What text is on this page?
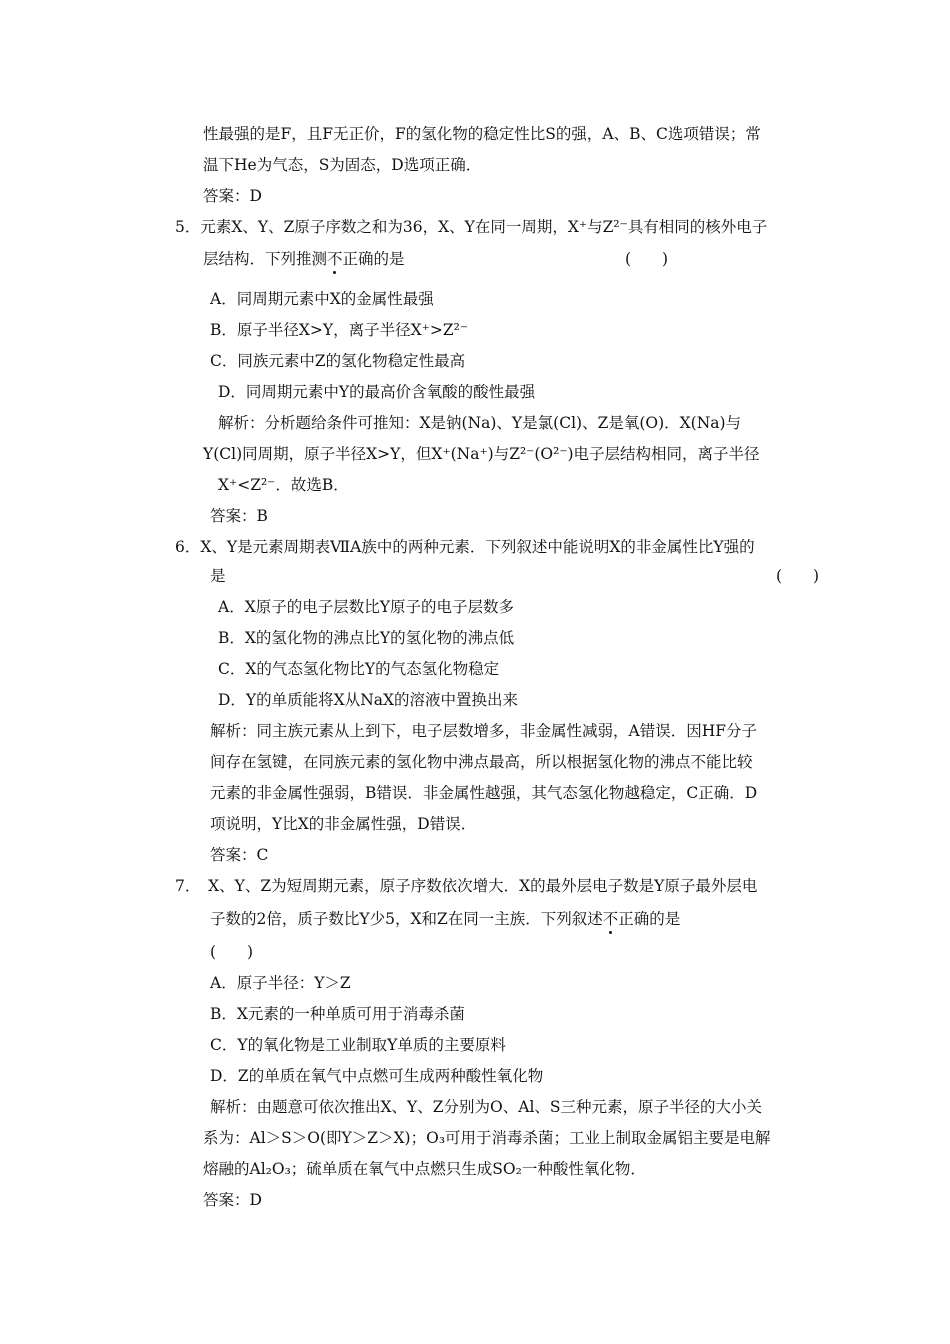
性最强的是F，且F无正价，F的氢化物的稳定性比S的强，A、B、C选项错误；常
温下He为气态，S为固态，D选项正确．
答案：D
5．元素X、Y、Z原子序数之和为36，X、Y在同一周期，X⁺与Z²⁻具有相同的核外电子
层结构．下列推测不正确的是	(　　)
A．同周期元素中X的金属性最强
B．原子半径X>Y，离子半径X⁺>Z²⁻
C．同族元素中Z的氢化物稳定性最高
D．同周期元素中Y的最高价含氧酸的酸性最强
解析：分析题给条件可推知：X是钠(Na)、Y是氯(Cl)、Z是氧(O)．X(Na)与
Y(Cl)同周期，原子半径X>Y，但X⁺(Na⁺)与Z²⁻(O²⁻)电子层结构相同，离子半径
X⁺<Z²⁻．故选B．
答案：B
6．X、Y是元素周期表ⅦA族中的两种元素．下列叙述中能说明X的非金属性比Y强的
是	(　　)
A．X原子的电子层数比Y原子的电子层数多
B．X的氢化物的沸点比Y的氢化物的沸点低
C．X的气态氢化物比Y的气态氢化物稳定
D．Y的单质能将X从NaX的溶液中置换出来
解析：同主族元素从上到下，电子层数增多，非金属性减弱，A错误．因HF分子
间存在氢键，在同族元素的氢化物中沸点最高，所以根据氢化物的沸点不能比较
元素的非金属性强弱，B错误．非金属性越强，其气态氢化物越稳定，C正确．D
项说明，Y比X的非金属性强，D错误．
答案：C
7．　X、Y、Z为短周期元素，原子序数依次增大．X的最外层电子数是Y原子最外层电
子数的2倍，质子数比Y少5，X和Z在同一主族．下列叙述不正确的是
(　　)
A．原子半径：Y＞Z
B．X元素的一种单质可用于消毒杀菌
C．Y的氧化物是工业制取Y单质的主要原料
D．Z的单质在氧气中点燃可生成两种酸性氧化物
解析：由题意可依次推出X、Y、Z分别为O、Al、S三种元素，原子半径的大小关
系为：Al＞S＞O(即Y＞Z＞X)；O₃可用于消毒杀菌；工业上制取金属铝主要是电解
熔融的Al₂O₃；硫单质在氧气中点燃只生成SO₂一种酸性氧化物．
答案：D
